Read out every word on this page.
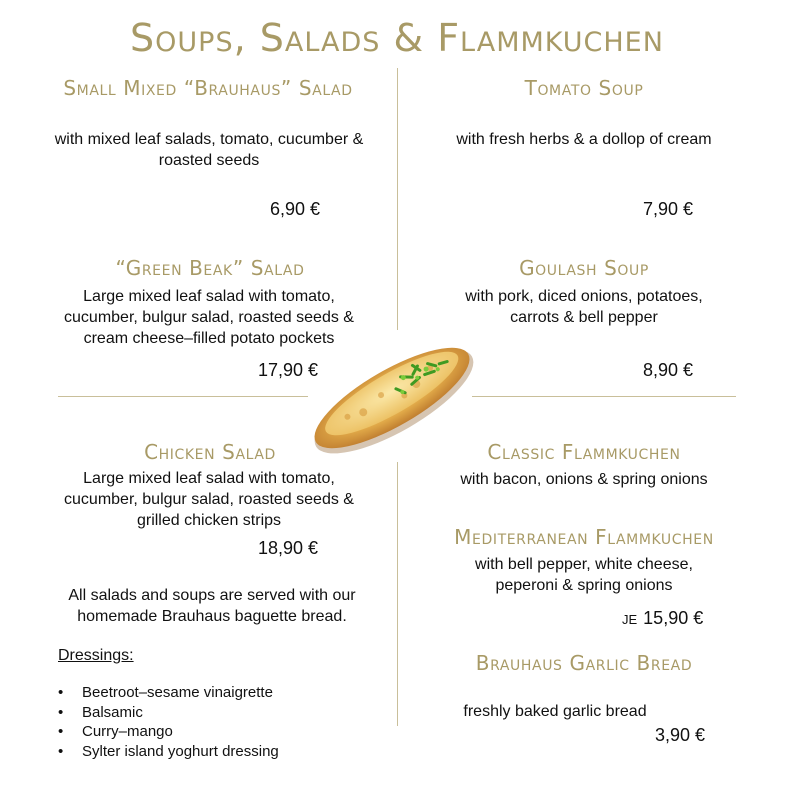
Soups, Salads & Flammkuchen
Small Mixed “Brauhaus” Salad
with mixed leaf salads, tomato, cucumber & roasted seeds
6,90 €
“Green Beak” Salad
Large mixed leaf salad with tomato, cucumber, bulgur salad, roasted seeds & cream cheese–filled potato pockets
17,90 €
Chicken Salad
Large mixed leaf salad with tomato, cucumber, bulgur salad, roasted seeds & grilled chicken strips
18,90 €
All salads and soups are served with our homemade Brauhaus baguette bread.
Dressings:
• Beetroot–sesame vinaigrette
• Balsamic
• Curry–mango
• Sylter island yoghurt dressing
Tomato Soup
with fresh herbs & a dollop of cream
7,90 €
Goulash Soup
with pork, diced onions, potatoes, carrots & bell pepper
8,90 €
Classic Flammkuchen
with bacon, onions & spring onions
Mediterranean Flammkuchen
with bell pepper, white cheese, peperoni & spring onions
JE 15,90 €
Brauhaus Garlic Bread
freshly baked garlic bread
3,90 €
